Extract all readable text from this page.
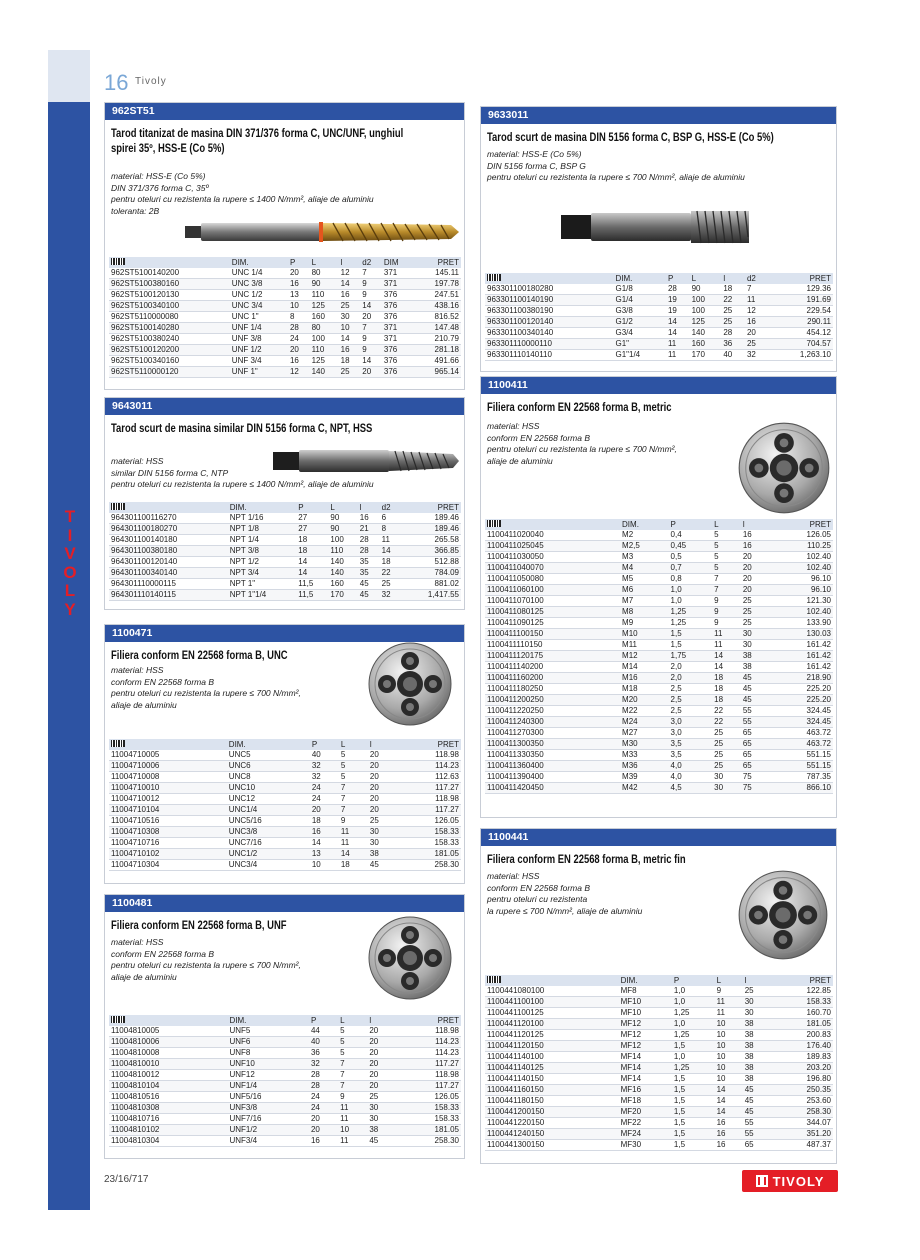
TIVOLY
16 Tivoly
23/16/717	TIVOLY
962ST51
Tarod titanizat de masina DIN 371/376 forma C, UNC/UNF, unghiul spirei 35º, HSS-E (Co 5%)
material: HSS-E (Co 5%)
DIN 371/376 forma C, 35º
pentru oteluri cu rezistenta la rupere ≤ 1400 N/mm², aliaje de aluminiu
toleranta: 2B
	DIM.	P	L	l	d2	DIM	PRET
962ST5100140200	UNC 1/4	20	80	12	7	371	145.11
962ST5100380160	UNC 3/8	16	90	14	9	371	197.78
962ST5100120130	UNC 1/2	13	110	16	9	376	247.51
962ST5100340100	UNC 3/4	10	125	25	14	376	438.16
962ST5110000080	UNC 1"	8	160	30	20	376	816.52
962ST5100140280	UNF 1/4	28	80	10	7	371	147.48
962ST5100380240	UNF 3/8	24	100	14	9	371	210.79
962ST5100120200	UNF 1/2	20	110	16	9	376	281.18
962ST5100340160	UNF 3/4	16	125	18	14	376	491.66
962ST5110000120	UNF 1"	12	140	25	20	376	965.14
9643011
Tarod scurt de masina similar DIN 5156 forma C, NPT, HSS
material: HSS
similar DIN 5156 forma C, NTP
pentru oteluri cu rezistenta la rupere ≤ 1400 N/mm², aliaje de aluminiu
	DIM.	P	L	l	d2	PRET
964301100116270	NPT 1/16	27	90	16	6	189.46
964301100180270	NPT 1/8	27	90	21	8	189.46
964301100140180	NPT 1/4	18	100	28	11	265.58
964301100380180	NPT 3/8	18	110	28	14	366.85
964301100120140	NPT 1/2	14	140	35	18	512.88
964301100340140	NPT 3/4	14	140	35	22	784.09
964301110000115	NPT 1"	11,5	160	45	25	881.02
964301110140115	NPT 1"1/4	11,5	170	45	32	1,417.55
1100471
Filiera conform EN 22568 forma B, UNC
material: HSS
conform EN 22568 forma B
pentru oteluri cu rezistenta la rupere ≤ 700 N/mm²,
aliaje de aluminiu
	DIM.	P	L	l	PRET
11004710005	UNC5	40	5	20	118.98
11004710006	UNC6	32	5	20	114.23
11004710008	UNC8	32	5	20	112.63
11004710010	UNC10	24	7	20	117.27
11004710012	UNC12	24	7	20	118.98
11004710104	UNC1/4	20	7	20	117.27
11004710516	UNC5/16	18	9	25	126.05
11004710308	UNC3/8	16	11	30	158.33
11004710716	UNC7/16	14	11	30	158.33
11004710102	UNC1/2	13	14	38	181.05
11004710304	UNC3/4	10	18	45	258.30
1100481
Filiera conform EN 22568 forma B, UNF
material: HSS
conform EN 22568 forma B
pentru oteluri cu rezistenta la rupere ≤ 700 N/mm²,
aliaje de aluminiu
	DIM.	P	L	l	PRET
11004810005	UNF5	44	5	20	118.98
11004810006	UNF6	40	5	20	114.23
11004810008	UNF8	36	5	20	114.23
11004810010	UNF10	32	7	20	117.27
11004810012	UNF12	28	7	20	118.98
11004810104	UNF1/4	28	7	20	117.27
11004810516	UNF5/16	24	9	25	126.05
11004810308	UNF3/8	24	11	30	158.33
11004810716	UNF7/16	20	11	30	158.33
11004810102	UNF1/2	20	10	38	181.05
11004810304	UNF3/4	16	11	45	258.30
9633011
Tarod scurt de masina DIN 5156 forma C, BSP G, HSS-E (Co 5%)
material: HSS-E (Co 5%)
DIN 5156 forma C, BSP G
pentru oteluri cu rezistenta la rupere ≤ 700 N/mm², aliaje de aluminiu
	DIM.	P	L	l	d2	PRET
963301100180280	G1/8	28	90	18	7	129.36
963301100140190	G1/4	19	100	22	11	191.69
963301100380190	G3/8	19	100	25	12	229.54
963301100120140	G1/2	14	125	25	16	290.11
963301100340140	G3/4	14	140	28	20	454.12
963301110000110	G1"	11	160	36	25	704.57
963301110140110	G1"1/4	11	170	40	32	1,263.10
1100411
Filiera conform EN 22568 forma B, metric
material: HSS
conform EN 22568 forma B
pentru oteluri cu rezistenta la rupere ≤ 700 N/mm²,
aliaje de aluminiu
	DIM.	P	L	l	PRET
1100411020040	M2	0,4	5	16	126.05
1100411025045	M2,5	0,45	5	16	110.25
1100411030050	M3	0,5	5	20	102.40
1100411040070	M4	0,7	5	20	102.40
1100411050080	M5	0,8	7	20	96.10
1100411060100	M6	1,0	7	20	96.10
1100411070100	M7	1,0	9	25	121.30
1100411080125	M8	1,25	9	25	102.40
1100411090125	M9	1,25	9	25	133.90
1100411100150	M10	1,5	11	30	130.03
1100411110150	M11	1,5	11	30	161.42
1100411120175	M12	1,75	14	38	161.42
1100411140200	M14	2,0	14	38	161.42
1100411160200	M16	2,0	18	45	218.90
1100411180250	M18	2,5	18	45	225.20
1100411200250	M20	2,5	18	45	225.20
1100411220250	M22	2,5	22	55	324.45
1100411240300	M24	3,0	22	55	324.45
1100411270300	M27	3,0	25	65	463.72
1100411300350	M30	3,5	25	65	463.72
1100411330350	M33	3,5	25	65	551.15
1100411360400	M36	4,0	25	65	551.15
1100411390400	M39	4,0	30	75	787.35
1100411420450	M42	4,5	30	75	866.10
1100441
Filiera conform EN 22568 forma B, metric fin
material: HSS
conform EN 22568 forma B
pentru oteluri cu rezistenta
la rupere ≤ 700 N/mm², aliaje de aluminiu
	DIM.	P	L	l	PRET
1100441080100	MF8	1,0	9	25	122.85
1100441100100	MF10	1,0	11	30	158.33
1100441100125	MF10	1,25	11	30	160.70
1100441120100	MF12	1,0	10	38	181.05
1100441120125	MF12	1,25	10	38	200.83
1100441120150	MF12	1,5	10	38	176.40
1100441140100	MF14	1,0	10	38	189.83
1100441140125	MF14	1,25	10	38	203.20
1100441140150	MF14	1,5	10	38	196.80
1100441160150	MF16	1,5	14	45	250.35
1100441180150	MF18	1,5	14	45	253.60
1100441200150	MF20	1,5	14	45	258.30
1100441220150	MF22	1,5	16	55	344.07
1100441240150	MF24	1,5	16	55	351.20
1100441300150	MF30	1,5	16	65	487.37
